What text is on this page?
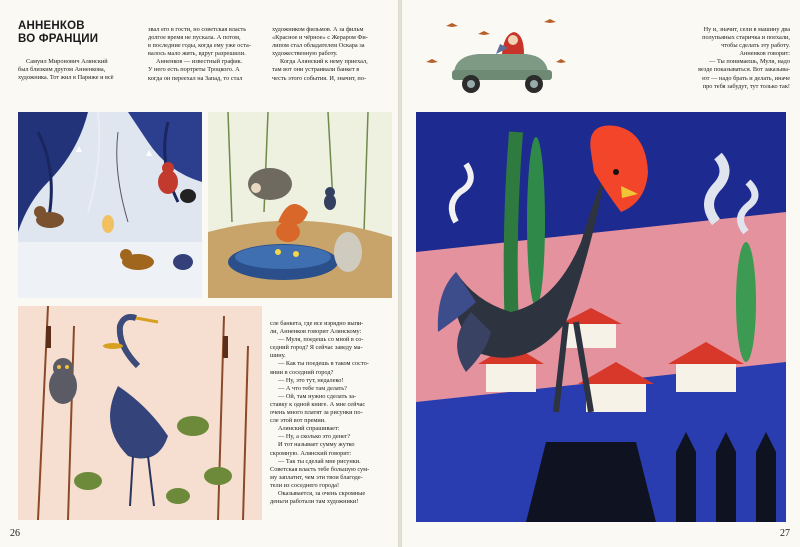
АННЕНКОВ
ВО ФРАНЦИИ

Самуил Миронович Алянский

был близким другом Анненкова,

художника. Тот жил в Париже и всё

звал его в гости, но советская власть

долгое время не пускала. А потом,

в последние годы, когда ему уже оста-

валось мало жить, вдруг разрешили.

Анненков — известный график.

У него есть портреты Троцкого. А

когда он переехал на Запад, то стал

художником фильмов. А за фильм

«Красное и чёрное» с Жераром Фи-

липом стал обладателем Оскара за

художественную работу.

Когда Алянский к нему приехал,

там вот они устраивали банкет в

честь этого события. И, значит, по-

сле банкета, где все изрядно выпи-

ли, Анненков говорит Алянскому:

— Муля, поедешь со мной в со-

седний город? Я сейчас заведу ма-

шину.

— Как ты поедешь в таком состо-

янии в соседний город?

— Ну, это тут, недалеко!

— А что тебе там делать?

— Ой, там нужно сделать за-

ставку к одной книге. А мне сейчас

очень много платят за рисунки по-

сле этой вот премии.

Алянский спрашивает:

— Ну, а сколько это денег?

И тот называет сумму жутко

скромную. Алянский говорит:

— Так ты сделай мне рисунки.

Советская власть тебе большую сум-

му заплатит, чем эти твои благоде-

тели из соседнего города!

Оказывается, за очень скромные

деньги работали там художники!

26

Ну и, значит, сели в машину два

полупьяных старичка и поехали,

чтобы сделать эту работу.

Анненков говорит:

— Ты понимаешь, Муля, надо

везде показываться. Вот заказыва-

ют — надо брать и делать, иначе

про тебя забудут, тут только так!

27
